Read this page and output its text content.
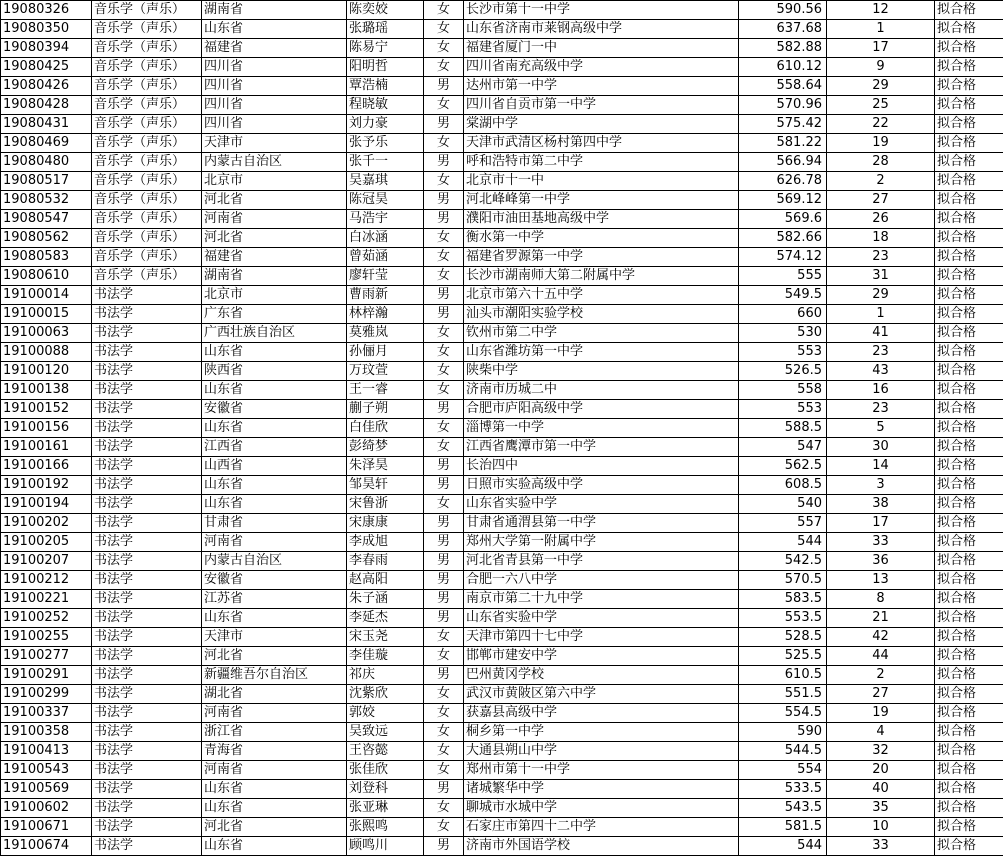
19080326	音乐学（声乐）	湖南省	陈奕姣	女	长沙市第十一中学	590.56	12	拟合格
19080350	音乐学（声乐）	山东省	张璐瑶	女	山东省济南市莱钢高级中学	637.68	1	拟合格
19080394	音乐学（声乐）	福建省	陈易宁	女	福建省厦门一中	582.88	17	拟合格
19080425	音乐学（声乐）	四川省	阳明哲	女	四川省南充高级中学	610.12	9	拟合格
19080426	音乐学（声乐）	四川省	覃浩楠	男	达州市第一中学	558.64	29	拟合格
19080428	音乐学（声乐）	四川省	程晓敏	女	四川省自贡市第一中学	570.96	25	拟合格
19080431	音乐学（声乐）	四川省	刘力豪	男	棠湖中学	575.42	22	拟合格
19080469	音乐学（声乐）	天津市	张予乐	女	天津市武清区杨村第四中学	581.22	19	拟合格
19080480	音乐学（声乐）	内蒙古自治区	张千一	男	呼和浩特市第二中学	566.94	28	拟合格
19080517	音乐学（声乐）	北京市	吴嘉琪	女	北京市十一中	626.78	2	拟合格
19080532	音乐学（声乐）	河北省	陈冠昊	男	河北峰峰第一中学	569.12	27	拟合格
19080547	音乐学（声乐）	河南省	马浩宇	男	濮阳市油田基地高级中学	569.6	26	拟合格
19080562	音乐学（声乐）	河北省	白冰涵	女	衡水第一中学	582.66	18	拟合格
19080583	音乐学（声乐）	福建省	曾茹涵	女	福建省罗源第一中学	574.12	23	拟合格
19080610	音乐学（声乐）	湖南省	廖轩莹	女	长沙市湖南师大第二附属中学	555	31	拟合格
19100014	书法学	北京市	曹雨新	男	北京市第六十五中学	549.5	29	拟合格
19100015	书法学	广东省	林梓瀚	男	汕头市潮阳实验学校	660	1	拟合格
19100063	书法学	广西壮族自治区	莫雅岚	女	钦州市第二中学	530	41	拟合格
19100088	书法学	山东省	孙俪月	女	山东省潍坊第一中学	553	23	拟合格
19100120	书法学	陕西省	万玟萱	女	陕柴中学	526.5	43	拟合格
19100138	书法学	山东省	王一睿	女	济南市历城二中	558	16	拟合格
19100152	书法学	安徽省	蒯子朔	男	合肥市庐阳高级中学	553	23	拟合格
19100156	书法学	山东省	白佳欣	女	淄博第一中学	588.5	5	拟合格
19100161	书法学	江西省	彭绮梦	女	江西省鹰潭市第一中学	547	30	拟合格
19100166	书法学	山西省	朱泽昊	男	长治四中	562.5	14	拟合格
19100192	书法学	山东省	邹昊轩	男	日照市实验高级中学	608.5	3	拟合格
19100194	书法学	山东省	宋鲁浙	女	山东省实验中学	540	38	拟合格
19100202	书法学	甘肃省	宋康康	男	甘肃省通渭县第一中学	557	17	拟合格
19100205	书法学	河南省	李成旭	男	郑州大学第一附属中学	544	33	拟合格
19100207	书法学	内蒙古自治区	李春雨	男	河北省青县第一中学	542.5	36	拟合格
19100212	书法学	安徽省	赵高阳	男	合肥一六八中学	570.5	13	拟合格
19100221	书法学	江苏省	朱子涵	男	南京市第二十九中学	583.5	8	拟合格
19100252	书法学	山东省	李延杰	男	山东省实验中学	553.5	21	拟合格
19100255	书法学	天津市	宋玉尧	女	天津市第四十七中学	528.5	42	拟合格
19100277	书法学	河北省	李佳璇	女	邯郸市建安中学	525.5	44	拟合格
19100291	书法学	新疆维吾尔自治区	祁庆	男	巴州黄冈学校	610.5	2	拟合格
19100299	书法学	湖北省	沈紫欣	女	武汉市黄陂区第六中学	551.5	27	拟合格
19100337	书法学	河南省	郭姣	女	获嘉县高级中学	554.5	19	拟合格
19100358	书法学	浙江省	吴致远	女	桐乡第一中学	590	4	拟合格
19100413	书法学	青海省	王咨懿	女	大通县朔山中学	544.5	32	拟合格
19100543	书法学	河南省	张佳欣	女	郑州市第十一中学	554	20	拟合格
19100569	书法学	山东省	刘登科	男	诸城繁华中学	533.5	40	拟合格
19100602	书法学	山东省	张亚琳	女	聊城市水城中学	543.5	35	拟合格
19100671	书法学	河北省	张熙鸣	女	石家庄市第四十二中学	581.5	10	拟合格
19100674	书法学	山东省	顾鸣川	男	济南市外国语学校	544	33	拟合格
